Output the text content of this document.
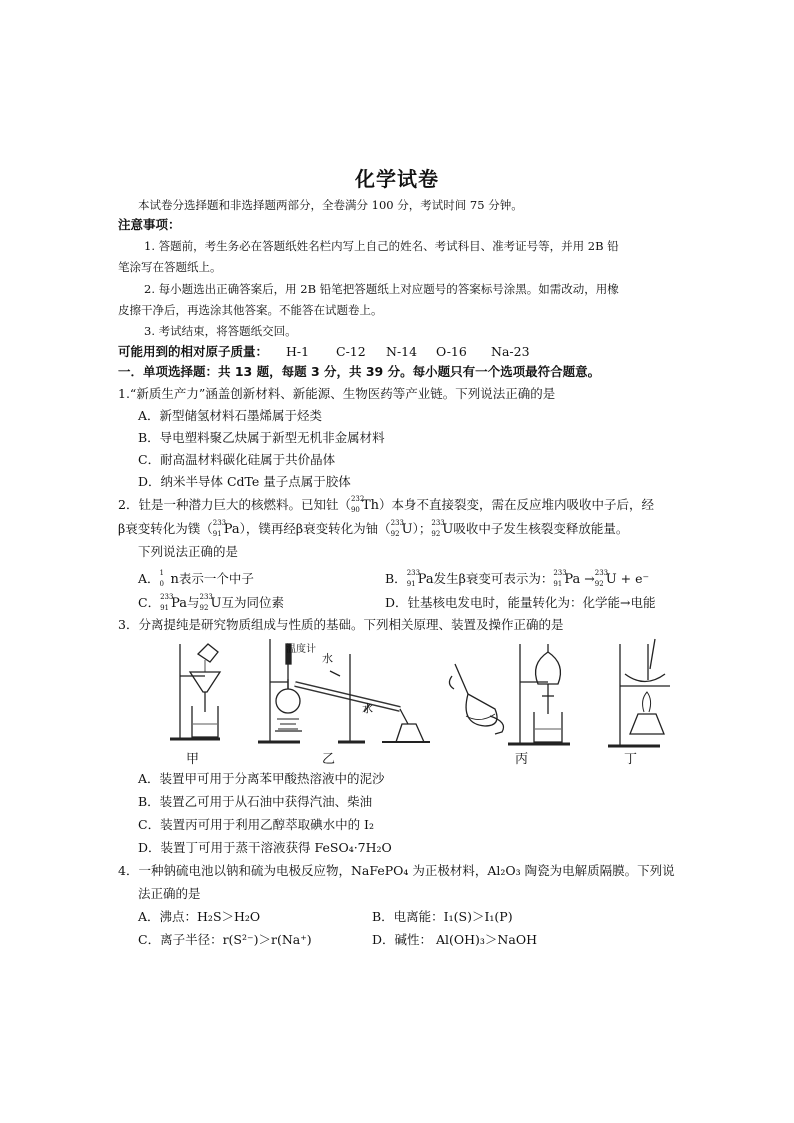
化学试卷
本试卷分选择题和非选择题两部分，全卷满分 100 分，考试时间 75 分钟。
注意事项：
1. 答题前，考生务必在答题纸姓名栏内写上自己的姓名、考试科目、准考证号等，并用 2B 铅
笔涂写在答题纸上。
2. 每小题选出正确答案后，用 2B 铅笔把答题纸上对应题号的答案标号涂黑。如需改动，用橡
皮擦干净后，再选涂其他答案。不能答在试题卷上。
3. 考试结束，将答题纸交回。
可能用到的相对原子质量： H-1 C-12 N-14 O-16 Na-23
一．单项选择题：共 13 题，每题 3 分，共 39 分。每小题只有一个选项最符合题意。
1.“新质生产力”涵盖创新材料、新能源、生物医药等产业链。下列说法正确的是
A．新型储氢材料石墨烯属于烃类
B．导电塑料聚乙炔属于新型无机非金属材料
C．耐高温材料碳化硅属于共价晶体
D．纳米半导体 CdTe 量子点属于胶体
2．钍是一种潜力巨大的核燃料。已知钍（ 232
90 Th）本身不直接裂变，需在反应堆内吸收中子后，经
β衰变转化为镤（ 233
91 Pa），镤再经β衰变转化为铀（ 233
92 U）； 233
92 U吸收中子发生核裂变释放能量。
下列说法正确的是
A． 1
0 n表示一个中子	B． 233
91 Pa发生β衰变可表示为： 233
91 Pa → 233
92 U + e⁻
C． 233
91 Pa与 233
92 U互为同位素	D．钍基核电发电时，能量转化为：化学能→电能
3．分离提纯是研究物质组成与性质的基础。下列相关原理、装置及操作正确的是
温度计
水
水
甲	乙	丙	丁
A．装置甲可用于分离苯甲酸热溶液中的泥沙
B．装置乙可用于从石油中获得汽油、柴油
C．装置丙可用于利用乙醇萃取碘水中的 I₂
D．装置丁可用于蒸干溶液获得 FeSO₄·7H₂O
4．一种钠硫电池以钠和硫为电极反应物，NaFePO₄ 为正极材料，Al₂O₃ 陶瓷为电解质隔膜。下列说
法正确的是
A．沸点：H₂S＞H₂O	B．电离能：I₁(S)＞I₁(P)
C．离子半径：r(S²⁻)＞r(Na⁺)	D．碱性： Al(OH)₃＞NaOH
